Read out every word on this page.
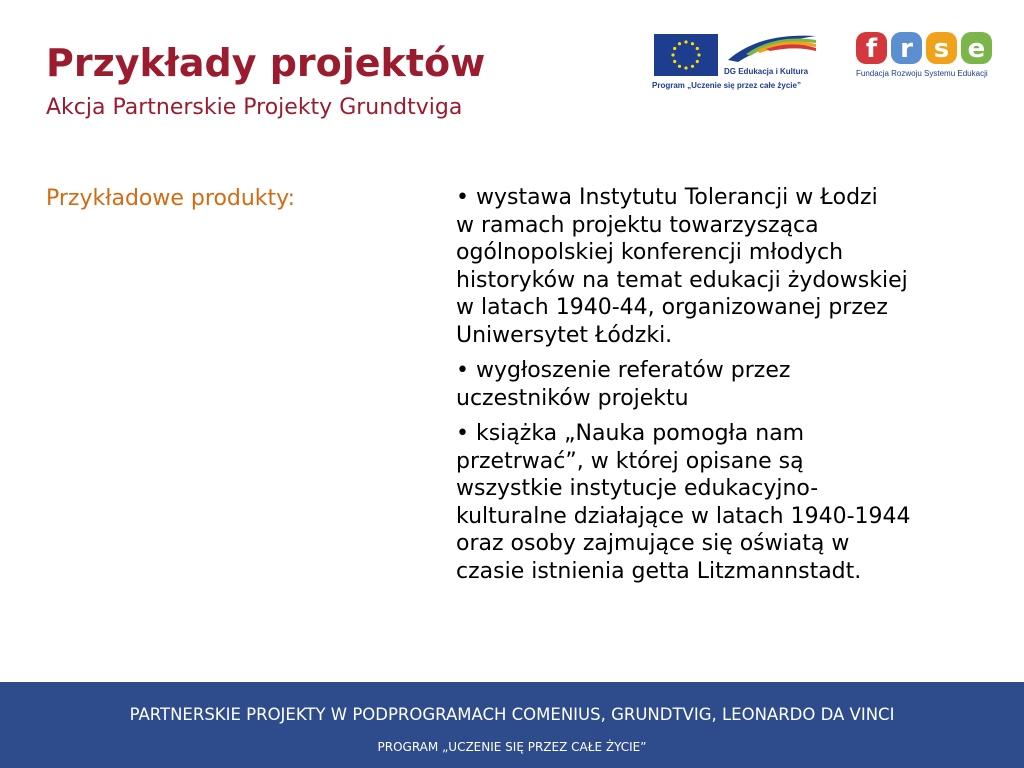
Przykłady projektów
Akcja Partnerskie Projekty Grundtviga
DG Edukacja i Kultura
Program „Uczenie się przez całe życie”
f r s e
Fundacja Rozwoju Systemu Edukacji
Przykładowe produkty:	• wystawa Instytutu Tolerancji w Łodzi
w ramach projektu towarzysząca
ogólnopolskiej konferencji młodych
historyków na temat edukacji żydowskiej
w latach 1940-44, organizowanej przez
Uniwersytet Łódzki.
• wygłoszenie referatów przez
uczestników projektu
• książka „Nauka pomogła nam
przetrwać”, w której opisane są
wszystkie instytucje edukacyjno-
kulturalne działające w latach 1940-1944
oraz osoby zajmujące się oświatą w
czasie istnienia getta Litzmannstadt.
PARTNERSKIE PROJEKTY W PODPROGRAMACH COMENIUS, GRUNDTVIG, LEONARDO DA VINCI
PROGRAM „UCZENIE SIĘ PRZEZ CAŁE ŻYCIE”
